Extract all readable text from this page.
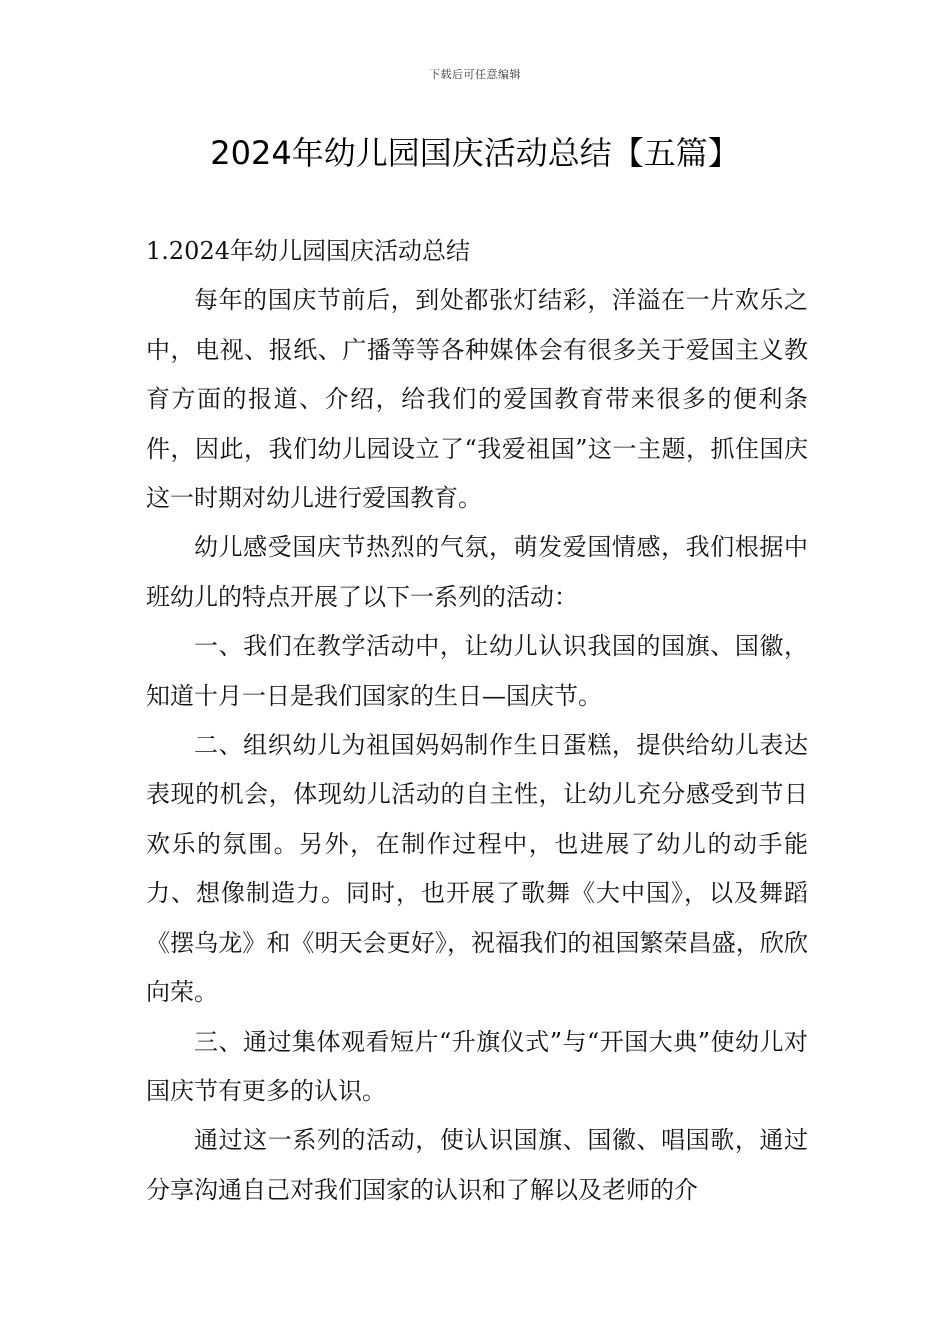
下载后可任意编辑
2024年幼儿园国庆活动总结【五篇】
1.2024年幼儿园国庆活动总结

每年的国庆节前后，到处都张灯结彩，洋溢在一片欢乐之中，电视、报纸、广播等等各种媒体会有很多关于爱国主义教育方面的报道、介绍，给我们的爱国教育带来很多的便利条件，因此，我们幼儿园设立了“我爱祖国”这一主题，抓住国庆这一时期对幼儿进行爱国教育。

幼儿感受国庆节热烈的气氛，萌发爱国情感，我们根据中班幼儿的特点开展了以下一系列的活动：

一、我们在教学活动中，让幼儿认识我国的国旗、国徽，知道十月一日是我们国家的生日—国庆节。

二、组织幼儿为祖国妈妈制作生日蛋糕，提供给幼儿表达表现的机会，体现幼儿活动的自主性，让幼儿充分感受到节日欢乐的氛围。另外，在制作过程中，也进展了幼儿的动手能力、想像制造力。同时，也开展了歌舞《大中国》，以及舞蹈《摆乌龙》和《明天会更好》，祝福我们的祖国繁荣昌盛，欣欣向荣。

三、通过集体观看短片“升旗仪式”与“开国大典”使幼儿对国庆节有更多的认识。

通过这一系列的活动，使认识国旗、国徽、唱国歌，通过分享沟通自己对我们国家的认识和了解以及老师的介
